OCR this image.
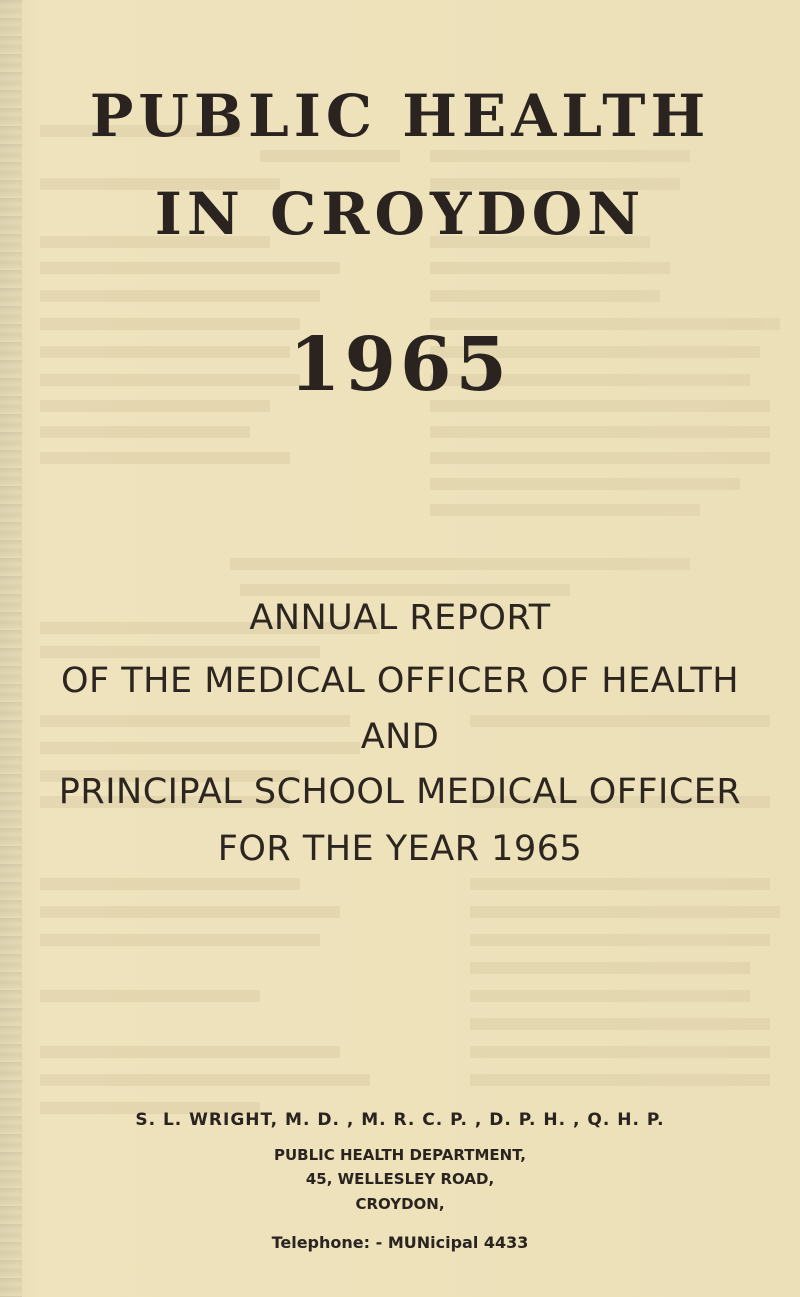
PUBLIC HEALTH
IN CROYDON
1965
ANNUAL REPORT
OF THE MEDICAL OFFICER OF HEALTH
AND
PRINCIPAL SCHOOL MEDICAL OFFICER
FOR THE YEAR 1965
S. L. WRIGHT, M. D. , M. R. C. P. , D. P. H. , Q. H. P.
PUBLIC HEALTH DEPARTMENT,
45, WELLESLEY ROAD,
CROYDON,
Telephone: - MUNicipal 4433
